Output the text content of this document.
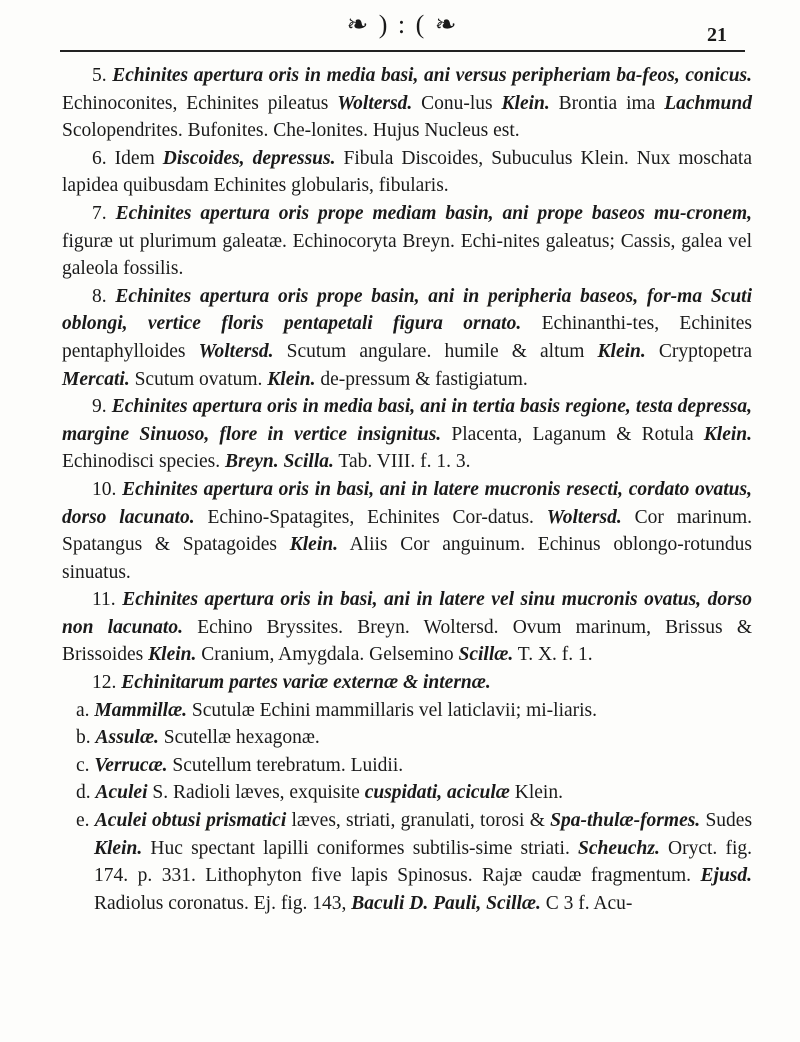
❧ ) : ( ❧	21

5. Echinites apertura oris in media basi, ani versus peripheriam ba-feos, conicus. Echinoconites, Echinites pileatus Woltersd. Conu-lus Klein. Brontia ima Lachmund Scolopendrites. Bufonites. Che-lonites. Hujus Nucleus est.

6. Idem Discoides, depressus. Fibula Discoides, Subuculus Klein. Nux moschata lapidea quibusdam Echinites globularis, fibularis.

7. Echinites apertura oris prope mediam basin, ani prope baseos mu-cronem, figuræ ut plurimum galeatæ. Echinocoryta Breyn. Echi-nites galeatus; Cassis, galea vel galeola fossilis.

8. Echinites apertura oris prope basin, ani in peripheria baseos, for-ma Scuti oblongi, vertice floris pentapetali figura ornato. Echinanthi-tes, Echinites pentaphylloides Woltersd. Scutum angulare. humile & altum Klein. Cryptopetra Mercati. Scutum ovatum. Klein. de-pressum & fastigiatum.

9. Echinites apertura oris in media basi, ani in tertia basis regione, testa depressa, margine Sinuoso, flore in vertice insignitus. Placenta, Laganum & Rotula Klein. Echinodisci species. Breyn. Scilla. Tab. VIII. f. 1. 3.

10. Echinites apertura oris in basi, ani in latere mucronis resecti, cordato ovatus, dorso lacunato. Echino-Spatagites, Echinites Cor-datus. Woltersd. Cor marinum. Spatangus & Spatagoides Klein. Aliis Cor anguinum. Echinus oblongo-rotundus sinuatus.

11. Echinites apertura oris in basi, ani in latere vel sinu mucronis ovatus, dorso non lacunato. Echino Bryssites. Breyn. Woltersd. Ovum marinum, Brissus & Brissoides Klein. Cranium, Amygdala. Gelsemino Scillæ. T. X. f. 1.

12. Echinitarum partes variæ externæ & internæ.

a. Mammillæ. Scutulæ Echini mammillaris vel laticlavii; mi-liaris.

b. Assulæ. Scutellæ hexagonæ.

c. Verrucæ. Scutellum terebratum. Luidii.

d. Aculei S. Radioli læves, exquisite cuspidati, aciculæ Klein.

e. Aculei obtusi prismatici læves, striati, granulati, torosi & Spa-thulæ-formes. Sudes Klein. Huc spectant lapilli coniformes subtilis-sime striati. Scheuchz. Oryct. fig. 174. p. 331. Lithophyton five lapis Spinosus. Rajæ caudæ fragmentum. Ejusd. Radiolus coronatus. Ej. fig. 143, Baculi D. Pauli, Scillæ. C 3 f. Acu-
